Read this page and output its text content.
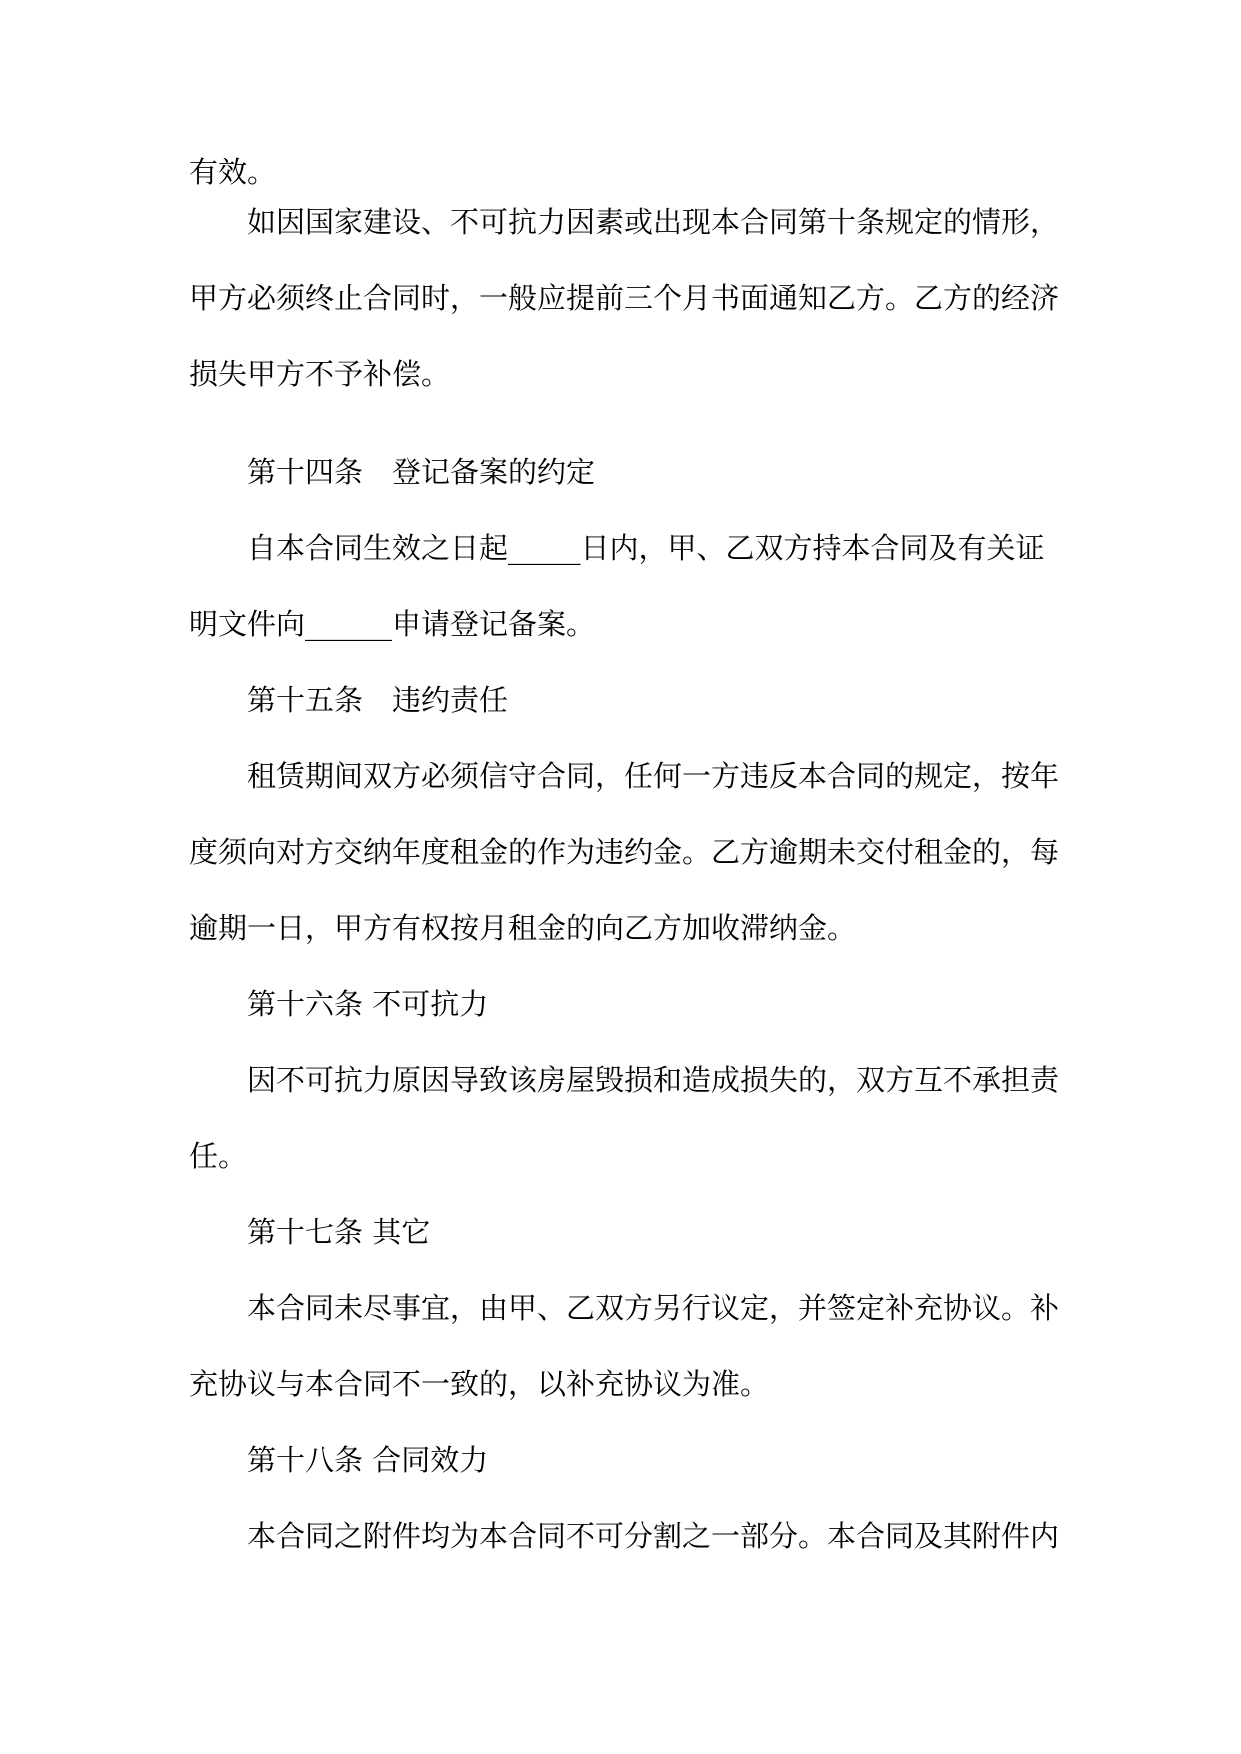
有效。

如因国家建设、不可抗力因素或出现本合同第十条规定的情形，

甲方必须终止合同时，一般应提前三个月书面通知乙方。乙方的经济

损失甲方不予补偿。

第十四条　登记备案的约定

自本合同生效之日起_____日内，甲、乙双方持本合同及有关证

明文件向______申请登记备案。

第十五条　违约责任

租赁期间双方必须信守合同，任何一方违反本合同的规定，按年

度须向对方交纳年度租金的作为违约金。乙方逾期未交付租金的，每

逾期一日，甲方有权按月租金的向乙方加收滞纳金。

第十六条 不可抗力

因不可抗力原因导致该房屋毁损和造成损失的，双方互不承担责

任。

第十七条 其它

本合同未尽事宜，由甲、乙双方另行议定，并签定补充协议。补

充协议与本合同不一致的，以补充协议为准。

第十八条 合同效力

本合同之附件均为本合同不可分割之一部分。本合同及其附件内
